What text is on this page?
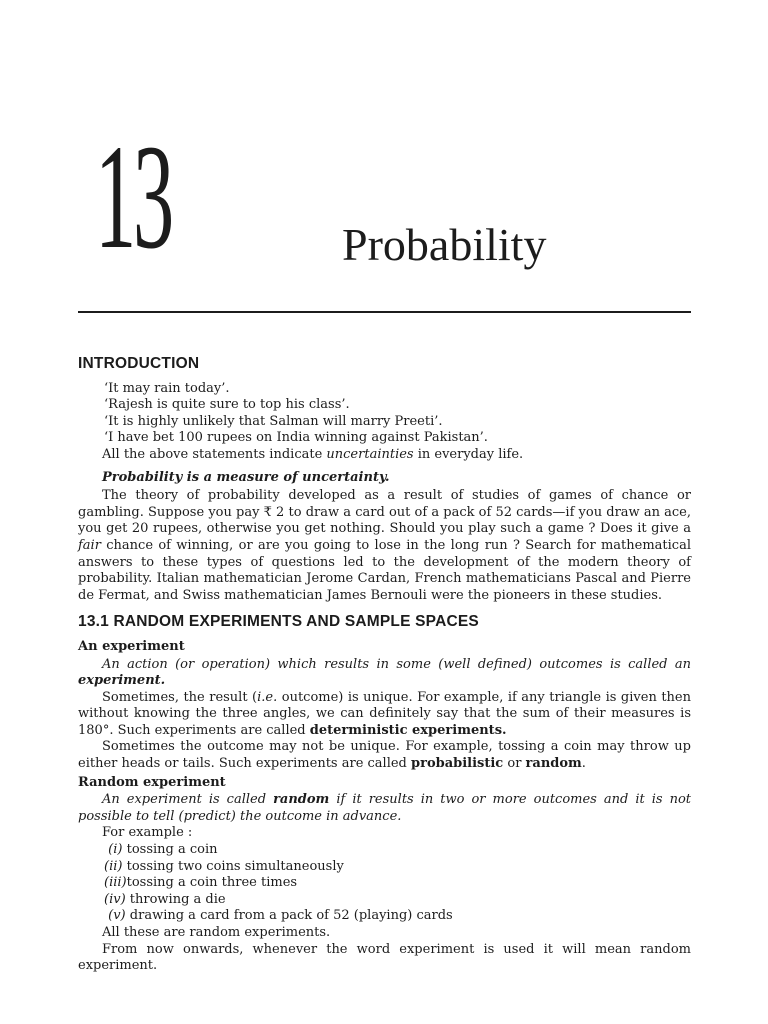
13	Probability
INTRODUCTION

‘It may rain today’.

‘Rajesh is quite sure to top his class’.

‘It is highly unlikely that Salman will marry Preeti’.

‘I have bet 100 rupees on India winning against Pakistan’.

All the above statements indicate uncertainties in everyday life.

Probability is a measure of uncertainty.

The theory of probability developed as a result of studies of games of chance or gambling. Suppose you pay ₹ 2 to draw a card out of a pack of 52 cards—if you draw an ace, you get 20 rupees, otherwise you get nothing. Should you play such a game ? Does it give a fair chance of winning, or are you going to lose in the long run ? Search for mathematical answers to these types of questions led to the development of the modern theory of probability. Italian mathematician Jerome Cardan, French mathematicians Pascal and Pierre de Fermat, and Swiss mathematician James Bernouli were the pioneers in these studies.

13.1 RANDOM EXPERIMENTS AND SAMPLE SPACES

An experiment

An action (or operation) which results in some (well defined) outcomes is called an experiment.

Sometimes, the result (i.e. outcome) is unique. For example, if any triangle is given then without knowing the three angles, we can definitely say that the sum of their measures is 180°. Such experiments are called deterministic experiments.

Sometimes the outcome may not be unique. For example, tossing a coin may throw up either heads or tails. Such experiments are called probabilistic or random.

Random experiment

An experiment is called random if it results in two or more outcomes and it is not possible to tell (predict) the outcome in advance.

For example :

(i) tossing a coin

(ii) tossing two coins simultaneously

(iii)tossing a coin three times

(iv) throwing a die

(v) drawing a card from a pack of 52 (playing) cards

All these are random experiments.

From now onwards, whenever the word experiment is used it will mean random experiment.
